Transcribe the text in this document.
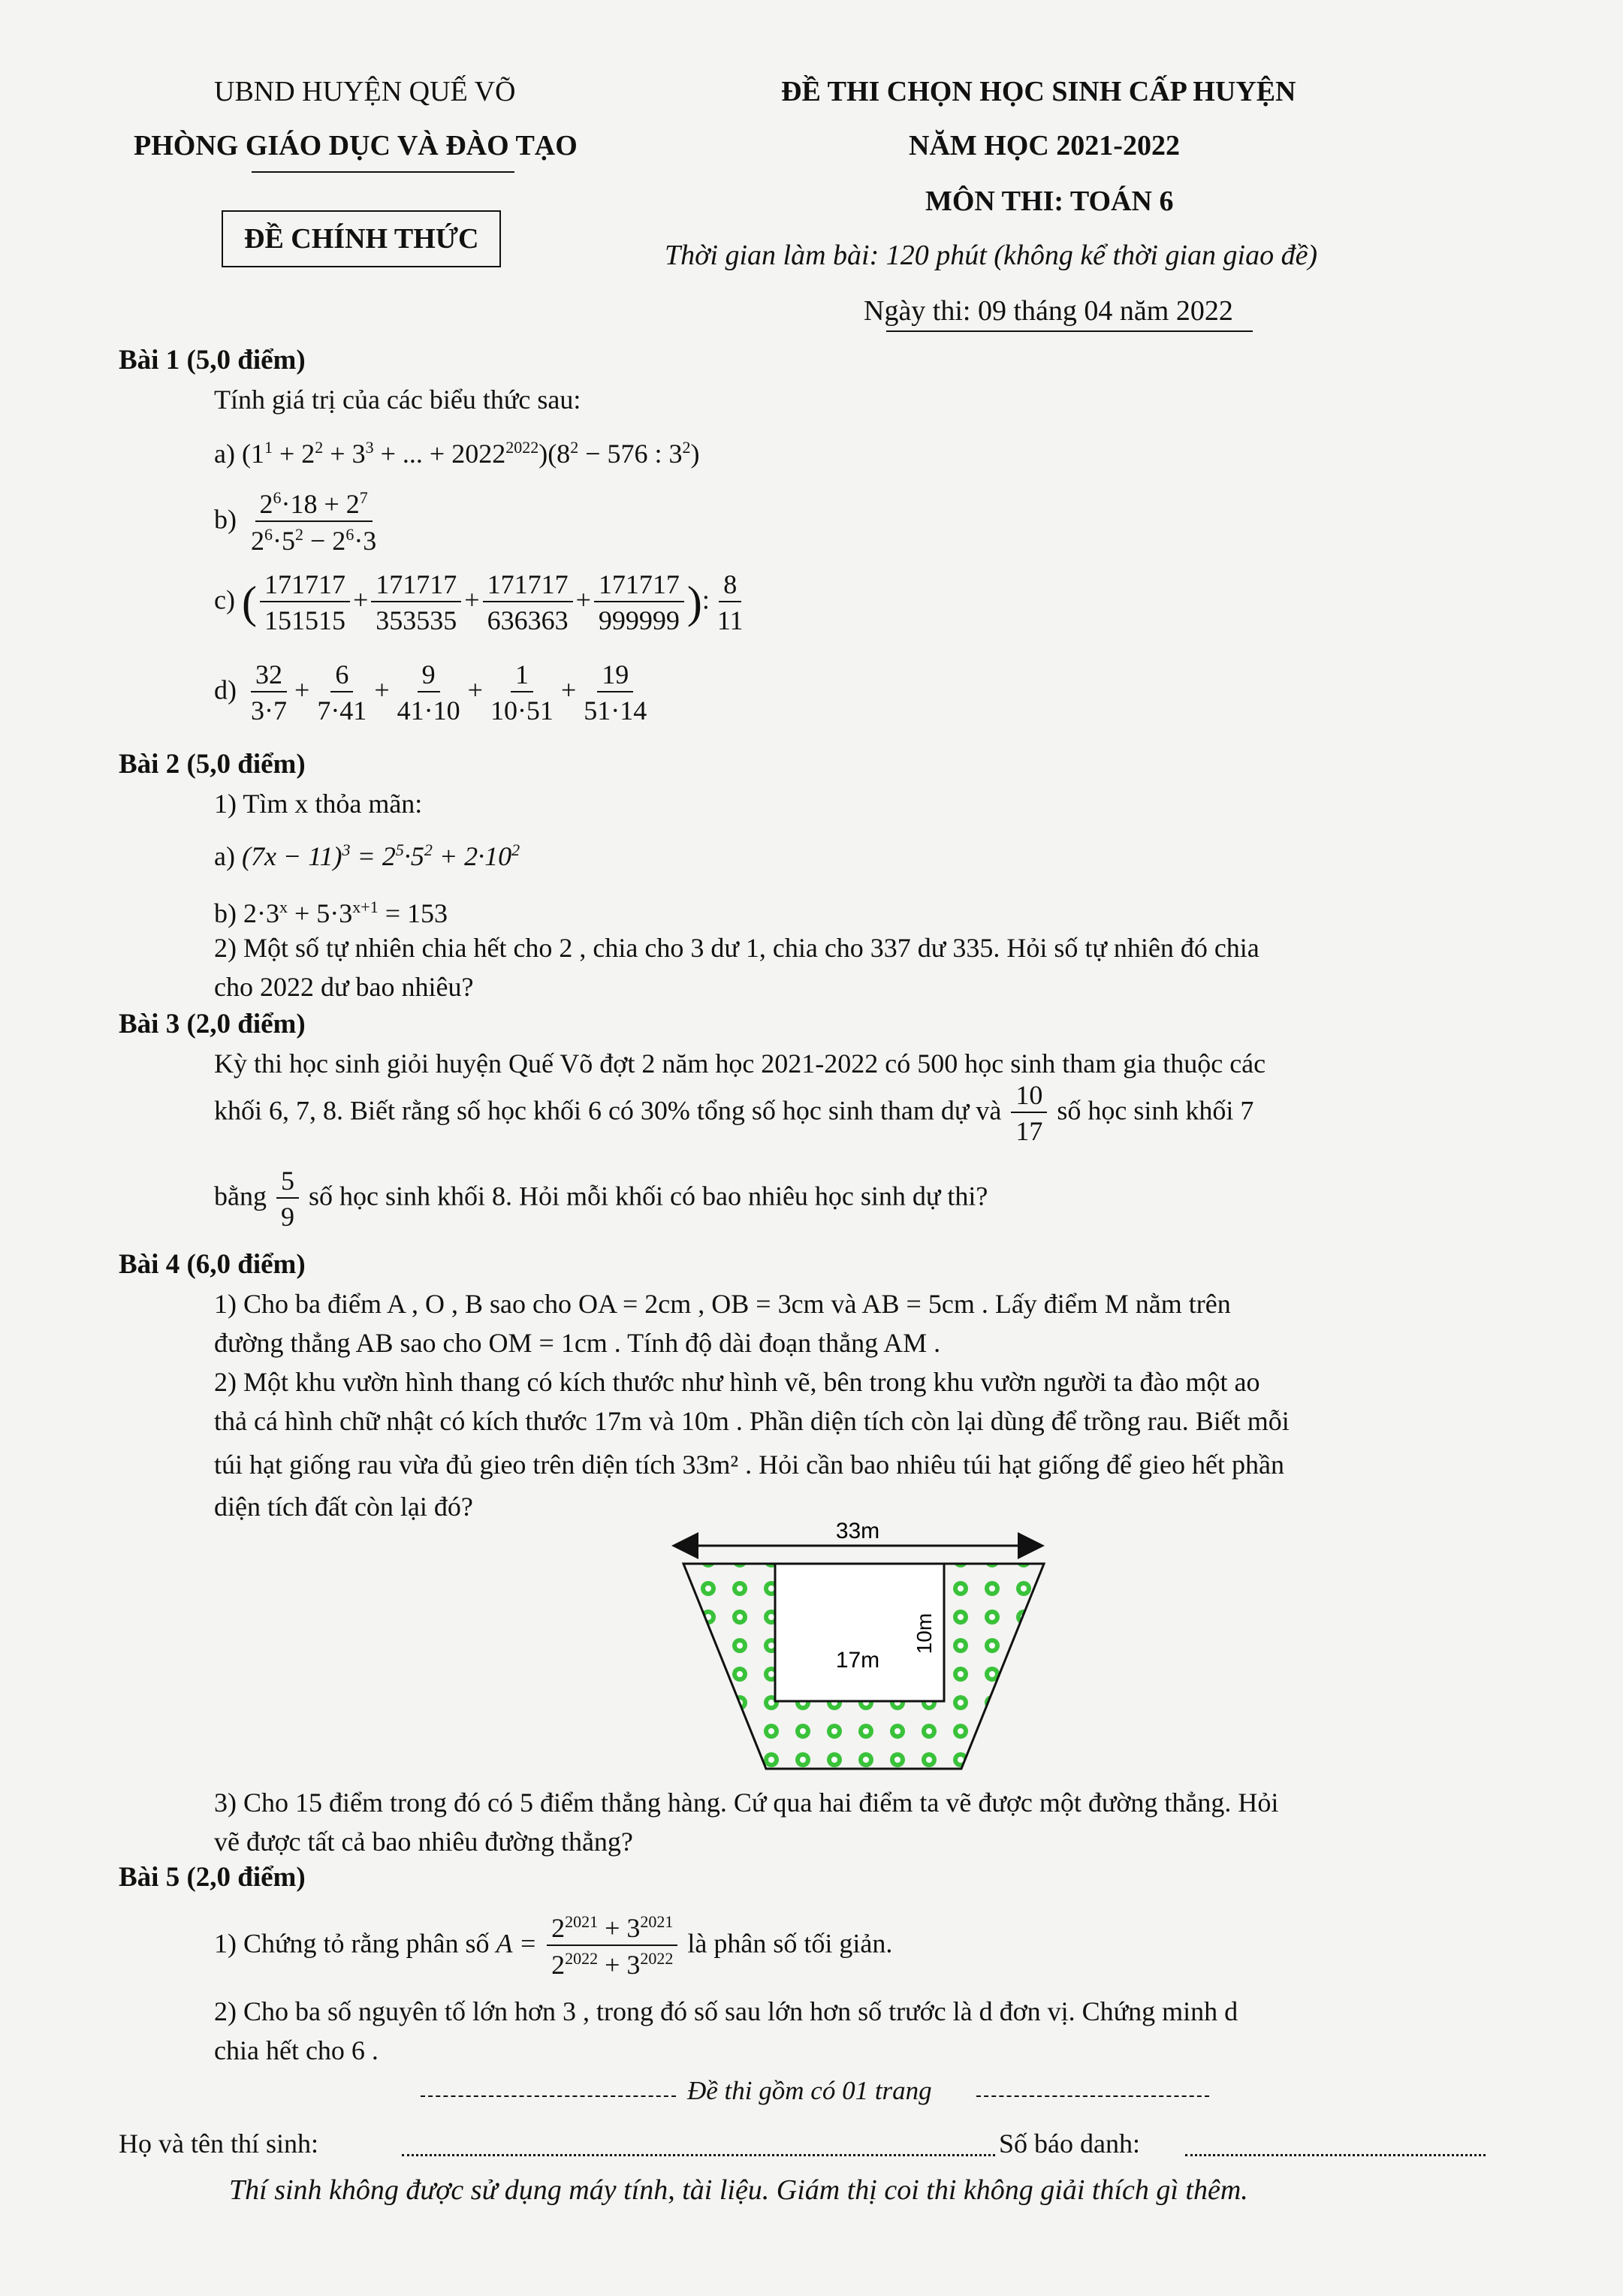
UBND HUYỆN QUẾ VÕ
PHÒNG GIÁO DỤC VÀ ĐÀO TẠO
ĐỀ CHÍNH THỨC
ĐỀ THI CHỌN HỌC SINH CẤP HUYỆN
NĂM HỌC 2021-2022
MÔN THI: TOÁN 6
Thời gian làm bài: 120 phút (không kể thời gian giao đề)
Ngày thi: 09 tháng 04 năm 2022
Bài 1 (5,0 điểm)
Tính giá trị của các biểu thức sau:
a) ($1^1 + 2^2 + 3^3$ + ... + $2022^{2022})(8^2 - 576$ : $3^2$)
$b) \frac{2^6\cdot 18 + 2^7}{2^6\cdot 5^2 - 2^6\cdot 3}$
c) ( $\frac{171717}{151515} + \frac{171717}{353535} + \frac{171717}{636363} + \frac{171717}{999999}$ ): $\frac{8}{11}$
$d) \frac{32}{3\cdot 7} + \frac{6}{7\cdot 41} + \frac{9}{41\cdot 10} + \frac{1}{10\cdot 51} + \frac{19}{51\cdot 14}$
Bài 2 (5,0 điểm)
1) Tìm x thỏa mãn:
a) $(7x - 11)^3 = 2^5\cdot 5^2 + 2\cdot 10^2$
b) $2\cdot 3^x + 5\cdot 3^{x+1} = 153$
2) Một số tự nhiên chia hết cho 2 , chia cho 3 dư 1, chia cho 337 dư 335. Hỏi số tự nhiên đó chia
cho 2022 dư bao nhiêu?
Bài 3 (2,0 điểm)
Kỳ thi học sinh giỏi huyện Quế Võ đợt 2 năm học 2021-2022 có 500 học sinh tham gia thuộc các
khối 6, 7, 8. Biết rằng số học khối 6 có 30% tổng số học sinh tham dự và $\frac{10}{17}$ số học sinh khối 7
bằng $\frac{5}{9}$ số học sinh khối 8. Hỏi mỗi khối có bao nhiêu học sinh dự thi?
Bài 4 (6,0 điểm)
1) Cho ba điểm A , O , B sao cho OA = 2cm , OB = 3cm và AB = 5cm . Lấy điểm M nằm trên
đường thẳng AB sao cho OM = 1cm . Tính độ dài đoạn thẳng AM .
2) Một khu vườn hình thang có kích thước như hình vẽ, bên trong khu vườn người ta đào một ao
thả cá hình chữ nhật có kích thước 17m và 10m . Phần diện tích còn lại dùng để trồng rau. Biết mỗi
túi hạt giống rau vừa đủ gieo trên diện tích 33m² . Hỏi cần bao nhiêu túi hạt giống để gieo hết phần
diện tích đất còn lại đó?
33m
17m
10m
3) Cho 15 điểm trong đó có 5 điểm thẳng hàng. Cứ qua hai điểm ta vẽ được một đường thẳng. Hỏi
vẽ được tất cả bao nhiêu đường thẳng?
Bài 5 (2,0 điểm)
1) Chứng tỏ rằng phân số $A = \frac{2^{2021} + 3^{2021}}{2^{2022} + 3^{2022}}$ là phân số tối giản.
2) Cho ba số nguyên tố lớn hơn 3 , trong đó số sau lớn hơn số trước là d đơn vị. Chứng minh d
chia hết cho 6 .
Đề thi gồm có 01 trang
Họ và tên thí sinh:	Số báo danh:
Thí sinh không được sử dụng máy tính, tài liệu. Giám thị coi thi không giải thích gì thêm.
